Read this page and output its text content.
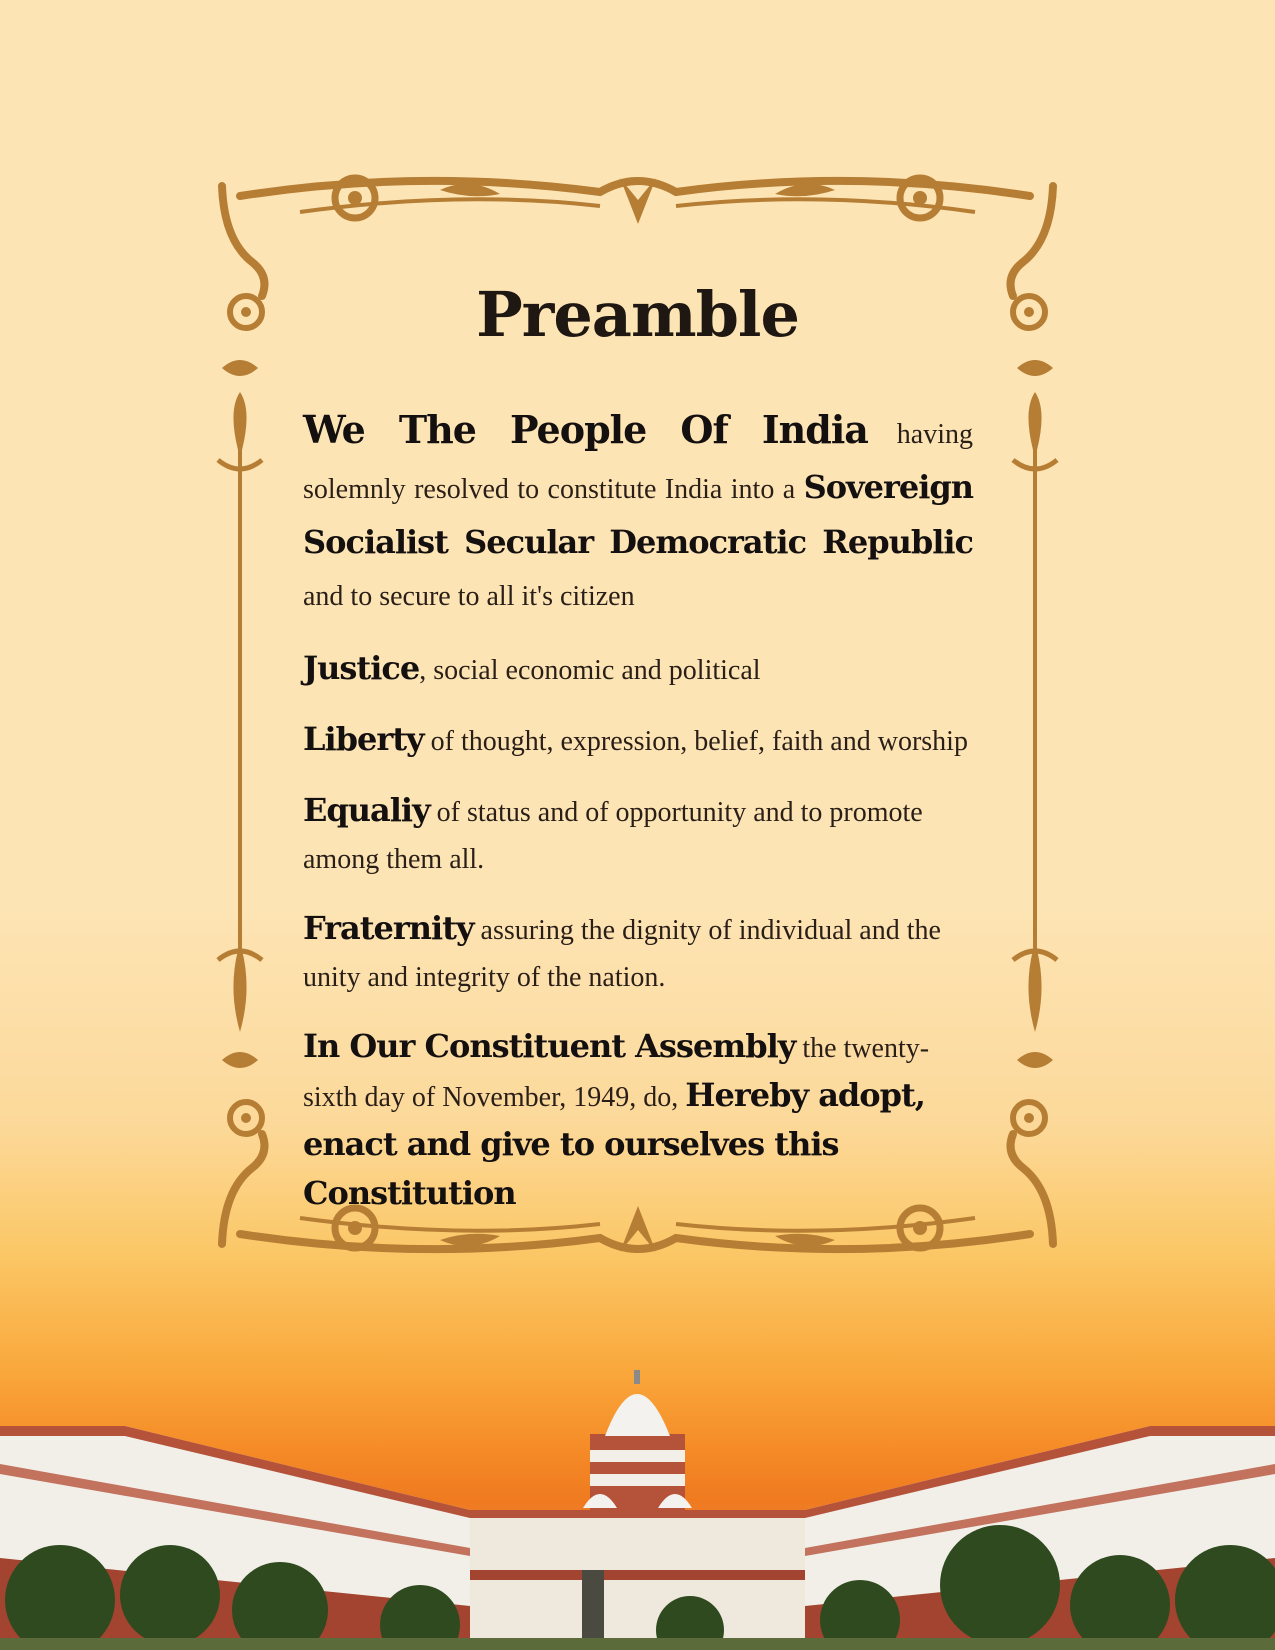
Preamble

We The People Of India having solemnly resolved to constitute India into a Sovereign Socialist Secular Democratic Republic and to secure to all it's citizen

Justice, social economic and political

Liberty of thought, expression, belief, faith and worship

Equaliy of status and of opportunity and to promote among them all.

Fraternity assuring the dignity of individual and the unity and integrity of the nation.

In Our Constituent Assembly the twenty-sixth day of November, 1949, do, Hereby adopt, enact and give to ourselves this Constitution
